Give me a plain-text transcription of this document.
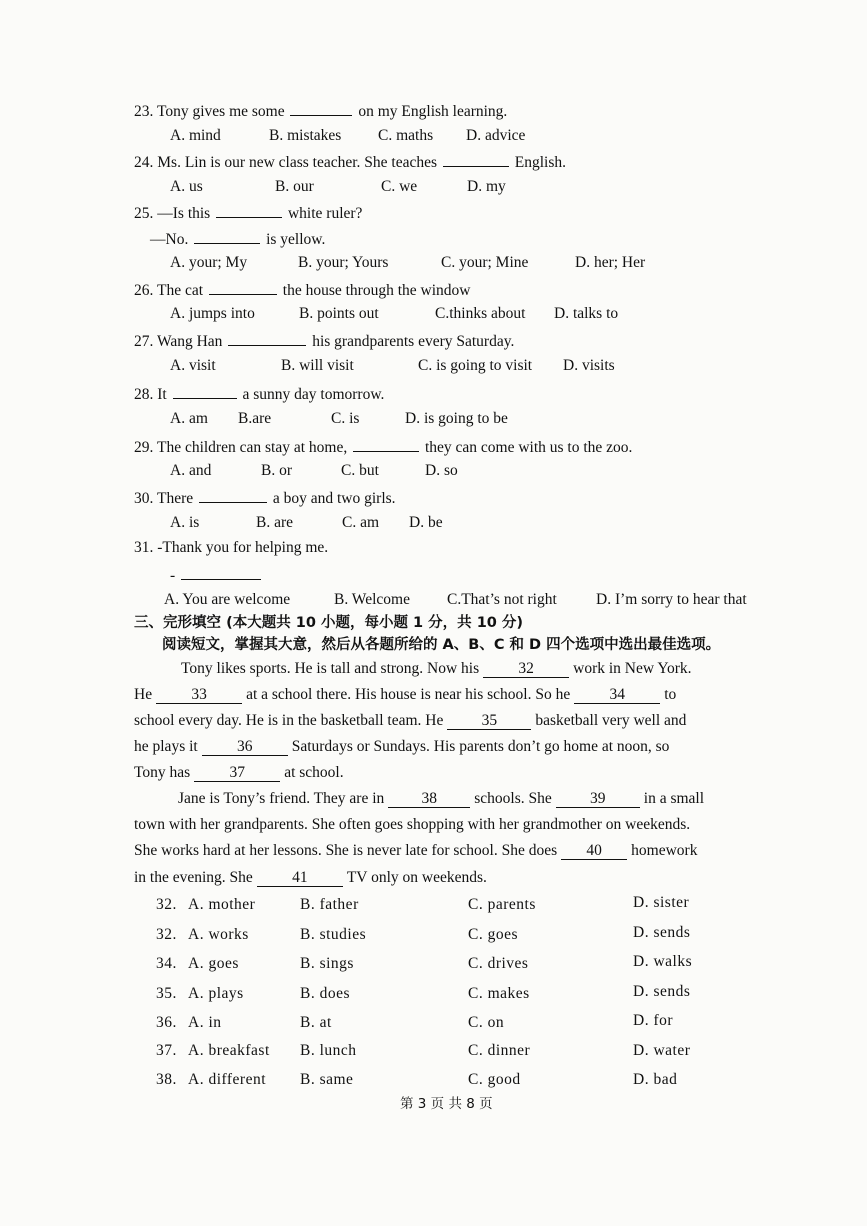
23. Tony gives me some	on my English learning.
A. mind	B. mistakes C. maths D. advice
24. Ms. Lin is our new class teacher. She teaches	English.
A. us	B. our	C. we	D. my
25. —Is this	white ruler?
—No.	is yellow.
A. your; My	B. your; Yours	C. your; Mine	D. her; Her
26. The cat	the house through the window
A. jumps into	B. points out	C.thinks about D. talks to
27. Wang Han	his grandparents every Saturday.
A. visit	B. will visit	C. is going to visit D. visits
28. It	a sunny day tomorrow.
A. am B.are	C. is	D. is going to be
29. The children can stay at home,	they can come with us to the zoo.
A. and	B. or	C. but	D. so
30. There	a boy and two girls.
A. is	B. are	C. am D. be
31. -Thank you for helping me.
-
A. You are welcome	B. Welcome C.That’s not right	D. I’m sorry to hear that
三、完形填空 (本大题共 10 小题，每小题 1 分，共 10 分)
阅读短文，掌握其大意，然后从各题所给的 A、B、C 和 D 四个选项中选出最佳选项。
Tony likes sports. He is tall and strong. Now his	32	work in New York.
He	33	at a school there. His house is near his school. So he	34	to
school every day. He is in the basketball team. He 35 basketball very well and
he plays it	36	Saturdays or Sundays. His parents don’t go home at noon, so
Tony has	37	at school.
Jane is Tony’s friend. They are in 38 schools. She 39 in a small
town with her grandparents. She often goes shopping with her grandmother on weekends.
She works hard at her lessons. She is never late for school. She does 40 homework
in the evening. She	41	TV only on weekends.
32. A. mother	B. father	C. parents	D. sister
32. A. works	B. studies	C. goes	D. sends
34. A. goes	B. sings	C. drives	D. walks
35. A. plays	B. does	C. makes	D. sends
36. A. in	B. at	C. on	D. for
37. A. breakfast B. lunch	C. dinner	D. water
38. A. different B. same	C. good	D. bad
第 3 页 共 8 页
